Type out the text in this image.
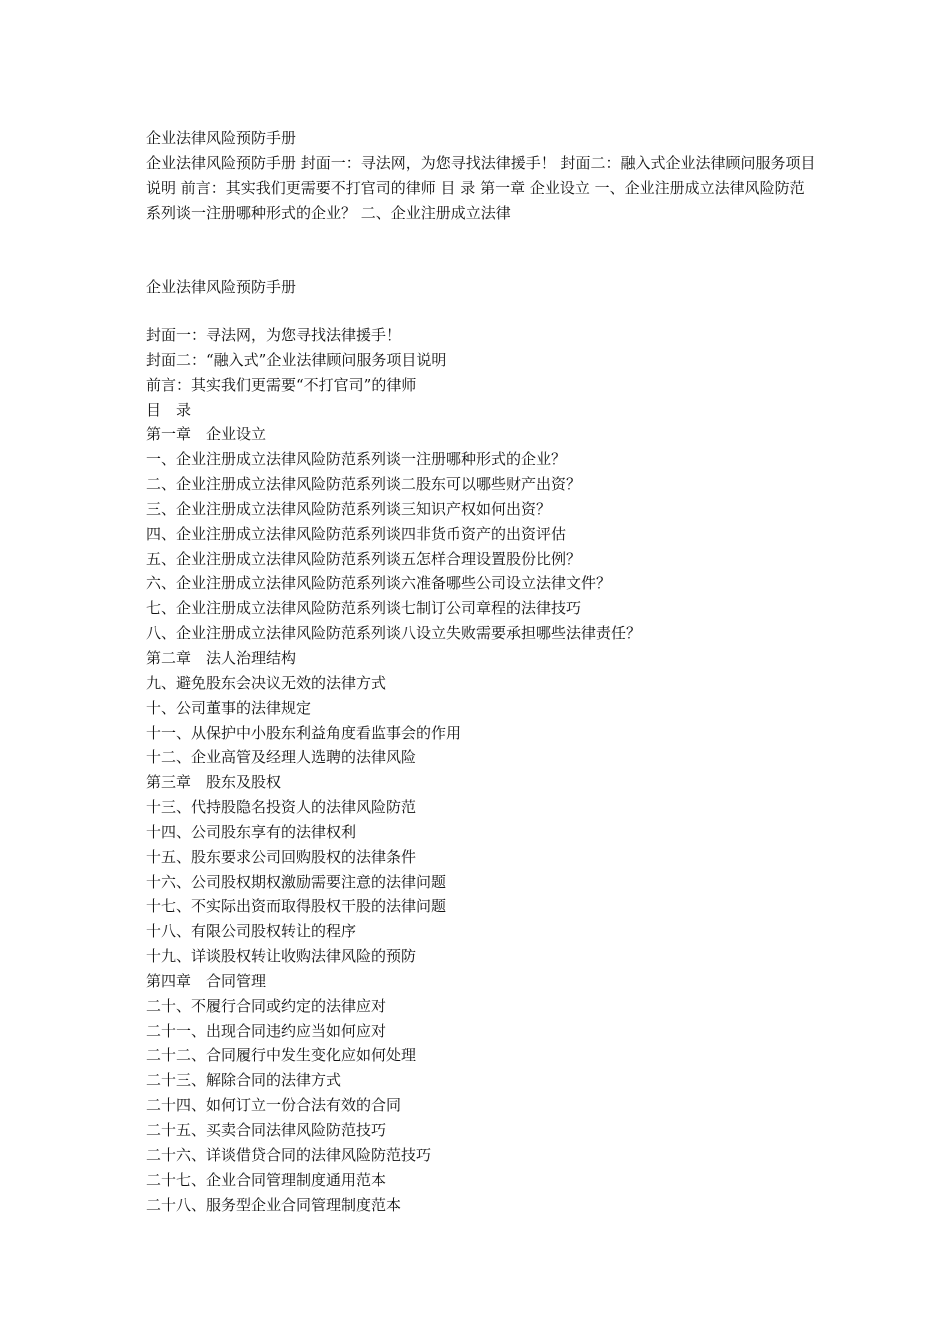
企业法律风险预防手册
企业法律风险预防手册 封面一：寻法网，为您寻找法律援手！ 封面二：融入式企业法律顾问服务项目说明 前言：其实我们更需要不打官司的律师 目 录 第一章 企业设立 一、企业注册成立法律风险防范系列谈一注册哪种形式的企业？ 二、企业注册成立法律
企业法律风险预防手册
封面一：寻法网，为您寻找法律援手！
封面二：“融入式”企业法律顾问服务项目说明
前言：其实我们更需要“不打官司”的律师
目　录
第一章　企业设立
一、企业注册成立法律风险防范系列谈一注册哪种形式的企业？
二、企业注册成立法律风险防范系列谈二股东可以哪些财产出资？
三、企业注册成立法律风险防范系列谈三知识产权如何出资？
四、企业注册成立法律风险防范系列谈四非货币资产的出资评估
五、企业注册成立法律风险防范系列谈五怎样合理设置股份比例？
六、企业注册成立法律风险防范系列谈六准备哪些公司设立法律文件？
七、企业注册成立法律风险防范系列谈七制订公司章程的法律技巧
八、企业注册成立法律风险防范系列谈八设立失败需要承担哪些法律责任？
第二章　法人治理结构
九、避免股东会决议无效的法律方式
十、公司董事的法律规定
十一、从保护中小股东利益角度看监事会的作用
十二、企业高管及经理人选聘的法律风险
第三章　股东及股权
十三、代持股隐名投资人的法律风险防范
十四、公司股东享有的法律权利
十五、股东要求公司回购股权的法律条件
十六、公司股权期权激励需要注意的法律问题
十七、不实际出资而取得股权干股的法律问题
十八、有限公司股权转让的程序
十九、详谈股权转让收购法律风险的预防
第四章　合同管理
二十、不履行合同或约定的法律应对
二十一、出现合同违约应当如何应对
二十二、合同履行中发生变化应如何处理
二十三、解除合同的法律方式
二十四、如何订立一份合法有效的合同
二十五、买卖合同法律风险防范技巧
二十六、详谈借贷合同的法律风险防范技巧
二十七、企业合同管理制度通用范本
二十八、服务型企业合同管理制度范本
